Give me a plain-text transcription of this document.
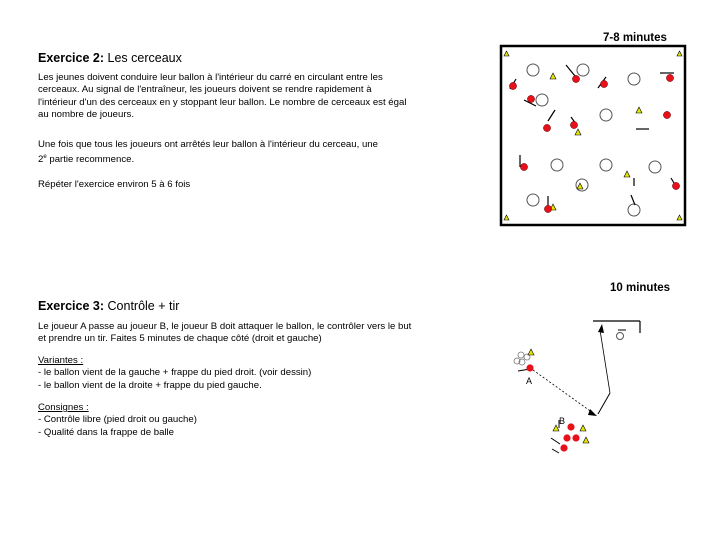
7-8 minutes
Exercice 2: Les cerceaux
Les jeunes doivent conduire leur ballon à l'intérieur du carré en circulant entre les cerceaux. Au signal de l'entraîneur, les joueurs doivent se rendre rapidement à l'intérieur d'un des cerceaux en y stoppant leur ballon. Le nombre de cerceaux est égal au nombre de joueurs.
Une fois que tous les joueurs ont arrêtés leur ballon à l'intérieur du cerceau, une
2e partie recommence.
Répéter l'exercice environ 5 à 6 fois
10 minutes
Exercice 3: Contrôle + tir
Le joueur A passe au joueur B, le joueur B doit attaquer le ballon, le contrôler vers le but et prendre un tir. Faites 5 minutes de chaque côté (droit et gauche)
Variantes :
- le ballon vient de la gauche + frappe du pied droit. (voir dessin)
- le ballon vient de la droite + frappe du pied gauche.
Consignes :
- Contrôle libre (pied droit ou gauche)
- Qualité dans la frappe de balle
A
B
